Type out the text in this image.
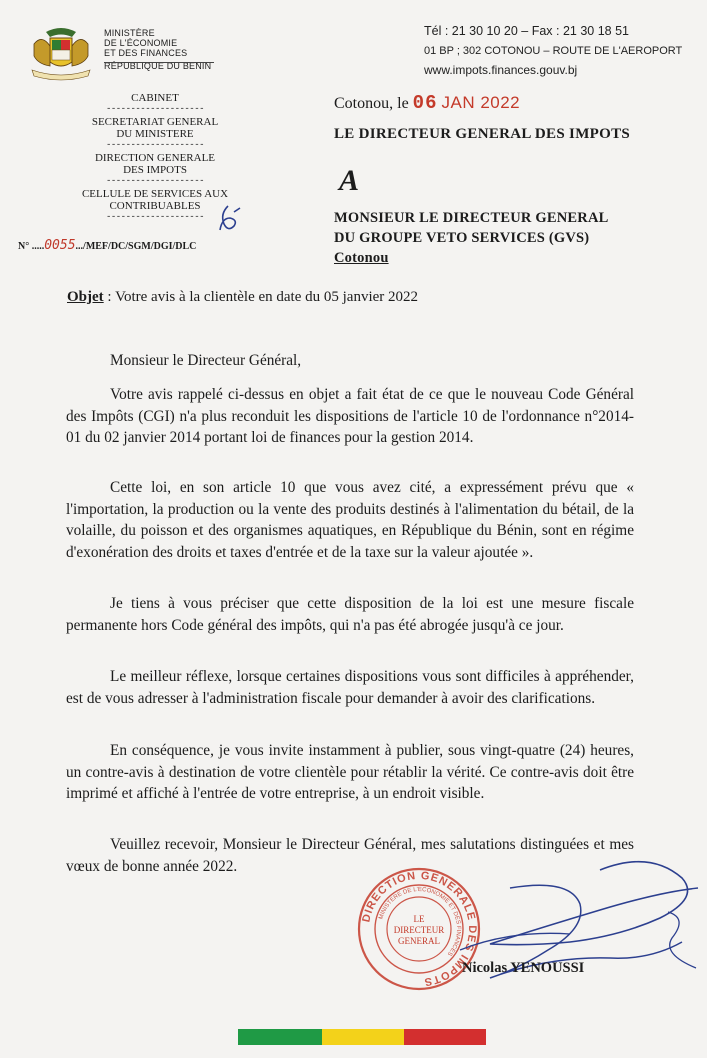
MINISTÈRE
DE L'ÉCONOMIE
ET DES FINANCES
RÉPUBLIQUE DU BENIN
CABINET
--------------------
SECRETARIAT GENERAL
DU MINISTERE
--------------------
DIRECTION GENERALE
DES IMPOTS
--------------------
CELLULE DE SERVICES AUX
CONTRIBUABLES
--------------------
N° .....0055.../MEF/DC/SGM/DGI/DLC
Tél : 21 30 10 20 – Fax : 21 30 18 51
01 BP ; 302 COTONOU – ROUTE DE L'AEROPORT
www.impots.finances.gouv.bj
Cotonou, le 06 JAN 2022
LE DIRECTEUR GENERAL DES IMPOTS
A
MONSIEUR LE DIRECTEUR GENERAL
DU GROUPE VETO SERVICES (GVS)
Cotonou
Objet : Votre avis à la clientèle en date du 05 janvier 2022
Monsieur le Directeur Général,

Votre avis rappelé ci-dessus en objet a fait état de ce que le nouveau Code Général des Impôts (CGI) n'a plus reconduit les dispositions de l'article 10 de l'ordonnance n°2014-01 du 02 janvier 2014 portant loi de finances pour la gestion 2014.

Cette loi, en son article 10 que vous avez cité, a expressément prévu que « l'importation, la production ou la vente des produits destinés à l'alimentation du bétail, de la volaille, du poisson et des organismes aquatiques, en République du Bénin, sont en régime d'exonération des droits et taxes d'entrée et de la taxe sur la valeur ajoutée ».

Je tiens à vous préciser que cette disposition de la loi est une mesure fiscale permanente hors Code général des impôts, qui n'a pas été abrogée jusqu'à ce jour.

Le meilleur réflexe, lorsque certaines dispositions vous sont difficiles à appréhender, est de vous adresser à l'administration fiscale pour demander à avoir des clarifications.

En conséquence, je vous invite instamment à publier, sous vingt-quatre (24) heures, un contre-avis à destination de votre clientèle pour rétablir la vérité. Ce contre-avis doit être imprimé et affiché à l'entrée de votre entreprise, à un endroit visible.

Veuillez recevoir, Monsieur le Directeur Général, mes salutations distinguées et mes vœux de bonne année 2022.

DIRECTION GENERALE DES IMPOTS
MINISTERE DE L'ECONOMIE ET DES FINANCES
LE
DIRECTEUR
GENERAL
Nicolas YENOUSSI
